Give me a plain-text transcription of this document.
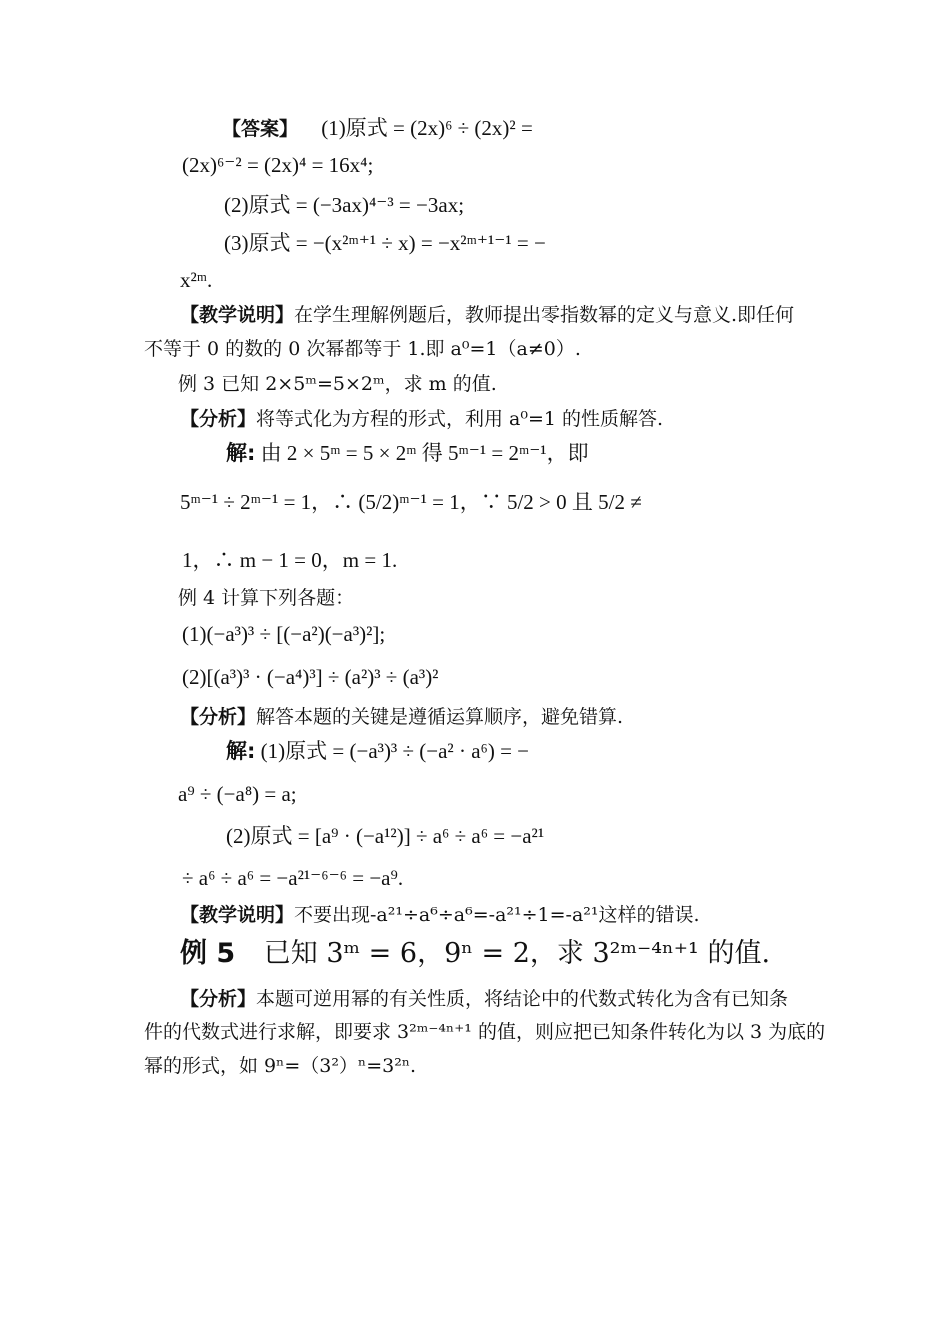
【答案】 (1)原式 = (2x)⁶ ÷ (2x)² =
(2x)⁶⁻² = (2x)⁴ = 16x⁴;
(2)原式 = (−3ax)⁴⁻³ = −3ax;
(3)原式 = −(x²ᵐ⁺¹ ÷ x) = −x²ᵐ⁺¹⁻¹ = −
x²ᵐ.
【教学说明】在学生理解例题后，教师提出零指数幂的定义与意义.即任何
不等于 0 的数的 0 次幂都等于 1.即 a⁰=1（a≠0）.
例 3 已知 2×5ᵐ=5×2ᵐ，求 m 的值.
【分析】将等式化为方程的形式，利用 a⁰=1 的性质解答.
解: 由 2 × 5ᵐ = 5 × 2ᵐ 得 5ᵐ⁻¹ = 2ᵐ⁻¹，即
5ᵐ⁻¹ ÷ 2ᵐ⁻¹ = 1，∴ (5/2)ᵐ⁻¹ = 1，∵ 5/2 > 0 且 5/2 ≠
1，∴ m − 1 = 0，m = 1.
例 4 计算下列各题：
(1)(−a³)³ ÷ [(−a²)(−a³)²];
(2)[(a³)³ · (−a⁴)³] ÷ (a²)³ ÷ (a³)²
【分析】解答本题的关键是遵循运算顺序，避免错算.
解: (1)原式 = (−a³)³ ÷ (−a² · a⁶) = −
a⁹ ÷ (−a⁸) = a;
(2)原式 = [a⁹ · (−a¹²)] ÷ a⁶ ÷ a⁶ = −a²¹
÷ a⁶ ÷ a⁶ = −a²¹⁻⁶⁻⁶ = −a⁹.
【教学说明】不要出现-a²¹÷a⁶÷a⁶=-a²¹÷1=-a²¹这样的错误.
例 5 已知 3ᵐ = 6，9ⁿ = 2，求 3²ᵐ⁻⁴ⁿ⁺¹ 的值.
【分析】本题可逆用幂的有关性质，将结论中的代数式转化为含有已知条
件的代数式进行求解，即要求 3²ᵐ⁻⁴ⁿ⁺¹ 的值，则应把已知条件转化为以 3 为底的
幂的形式，如 9ⁿ=（3²）ⁿ=3²ⁿ.
